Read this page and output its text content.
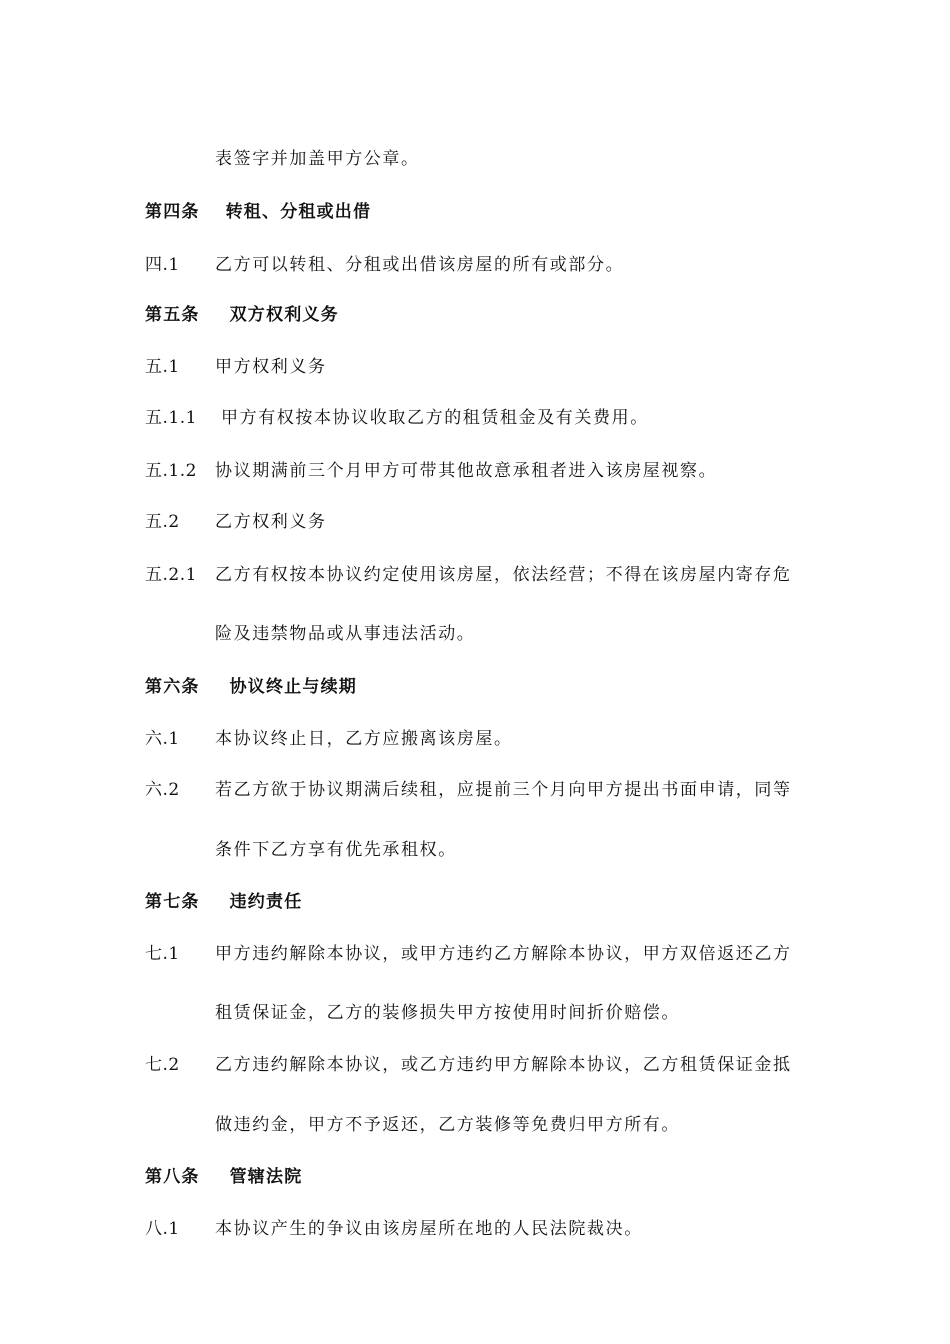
表签字并加盖甲方公章。
第四条 转租、分租或出借
四.1 乙方可以转租、分租或出借该房屋的所有或部分。
第五条 双方权利义务
五.1 甲方权利义务
五.1.1 甲方有权按本协议收取乙方的租赁租金及有关费用。
五.1.2 协议期满前三个月甲方可带其他故意承租者进入该房屋视察。
五.2 乙方权利义务
五.2.1 乙方有权按本协议约定使用该房屋，依法经营；不得在该房屋内寄存危
险及违禁物品或从事违法活动。
第六条 协议终止与续期
六.1 本协议终止日，乙方应搬离该房屋。
六.2 若乙方欲于协议期满后续租，应提前三个月向甲方提出书面申请，同等
条件下乙方享有优先承租权。
第七条 违约责任
七.1 甲方违约解除本协议，或甲方违约乙方解除本协议，甲方双倍返还乙方
租赁保证金，乙方的装修损失甲方按使用时间折价赔偿。
七.2 乙方违约解除本协议，或乙方违约甲方解除本协议，乙方租赁保证金抵
做违约金，甲方不予返还，乙方装修等免费归甲方所有。
第八条 管辖法院
八.1 本协议产生的争议由该房屋所在地的人民法院裁决。
